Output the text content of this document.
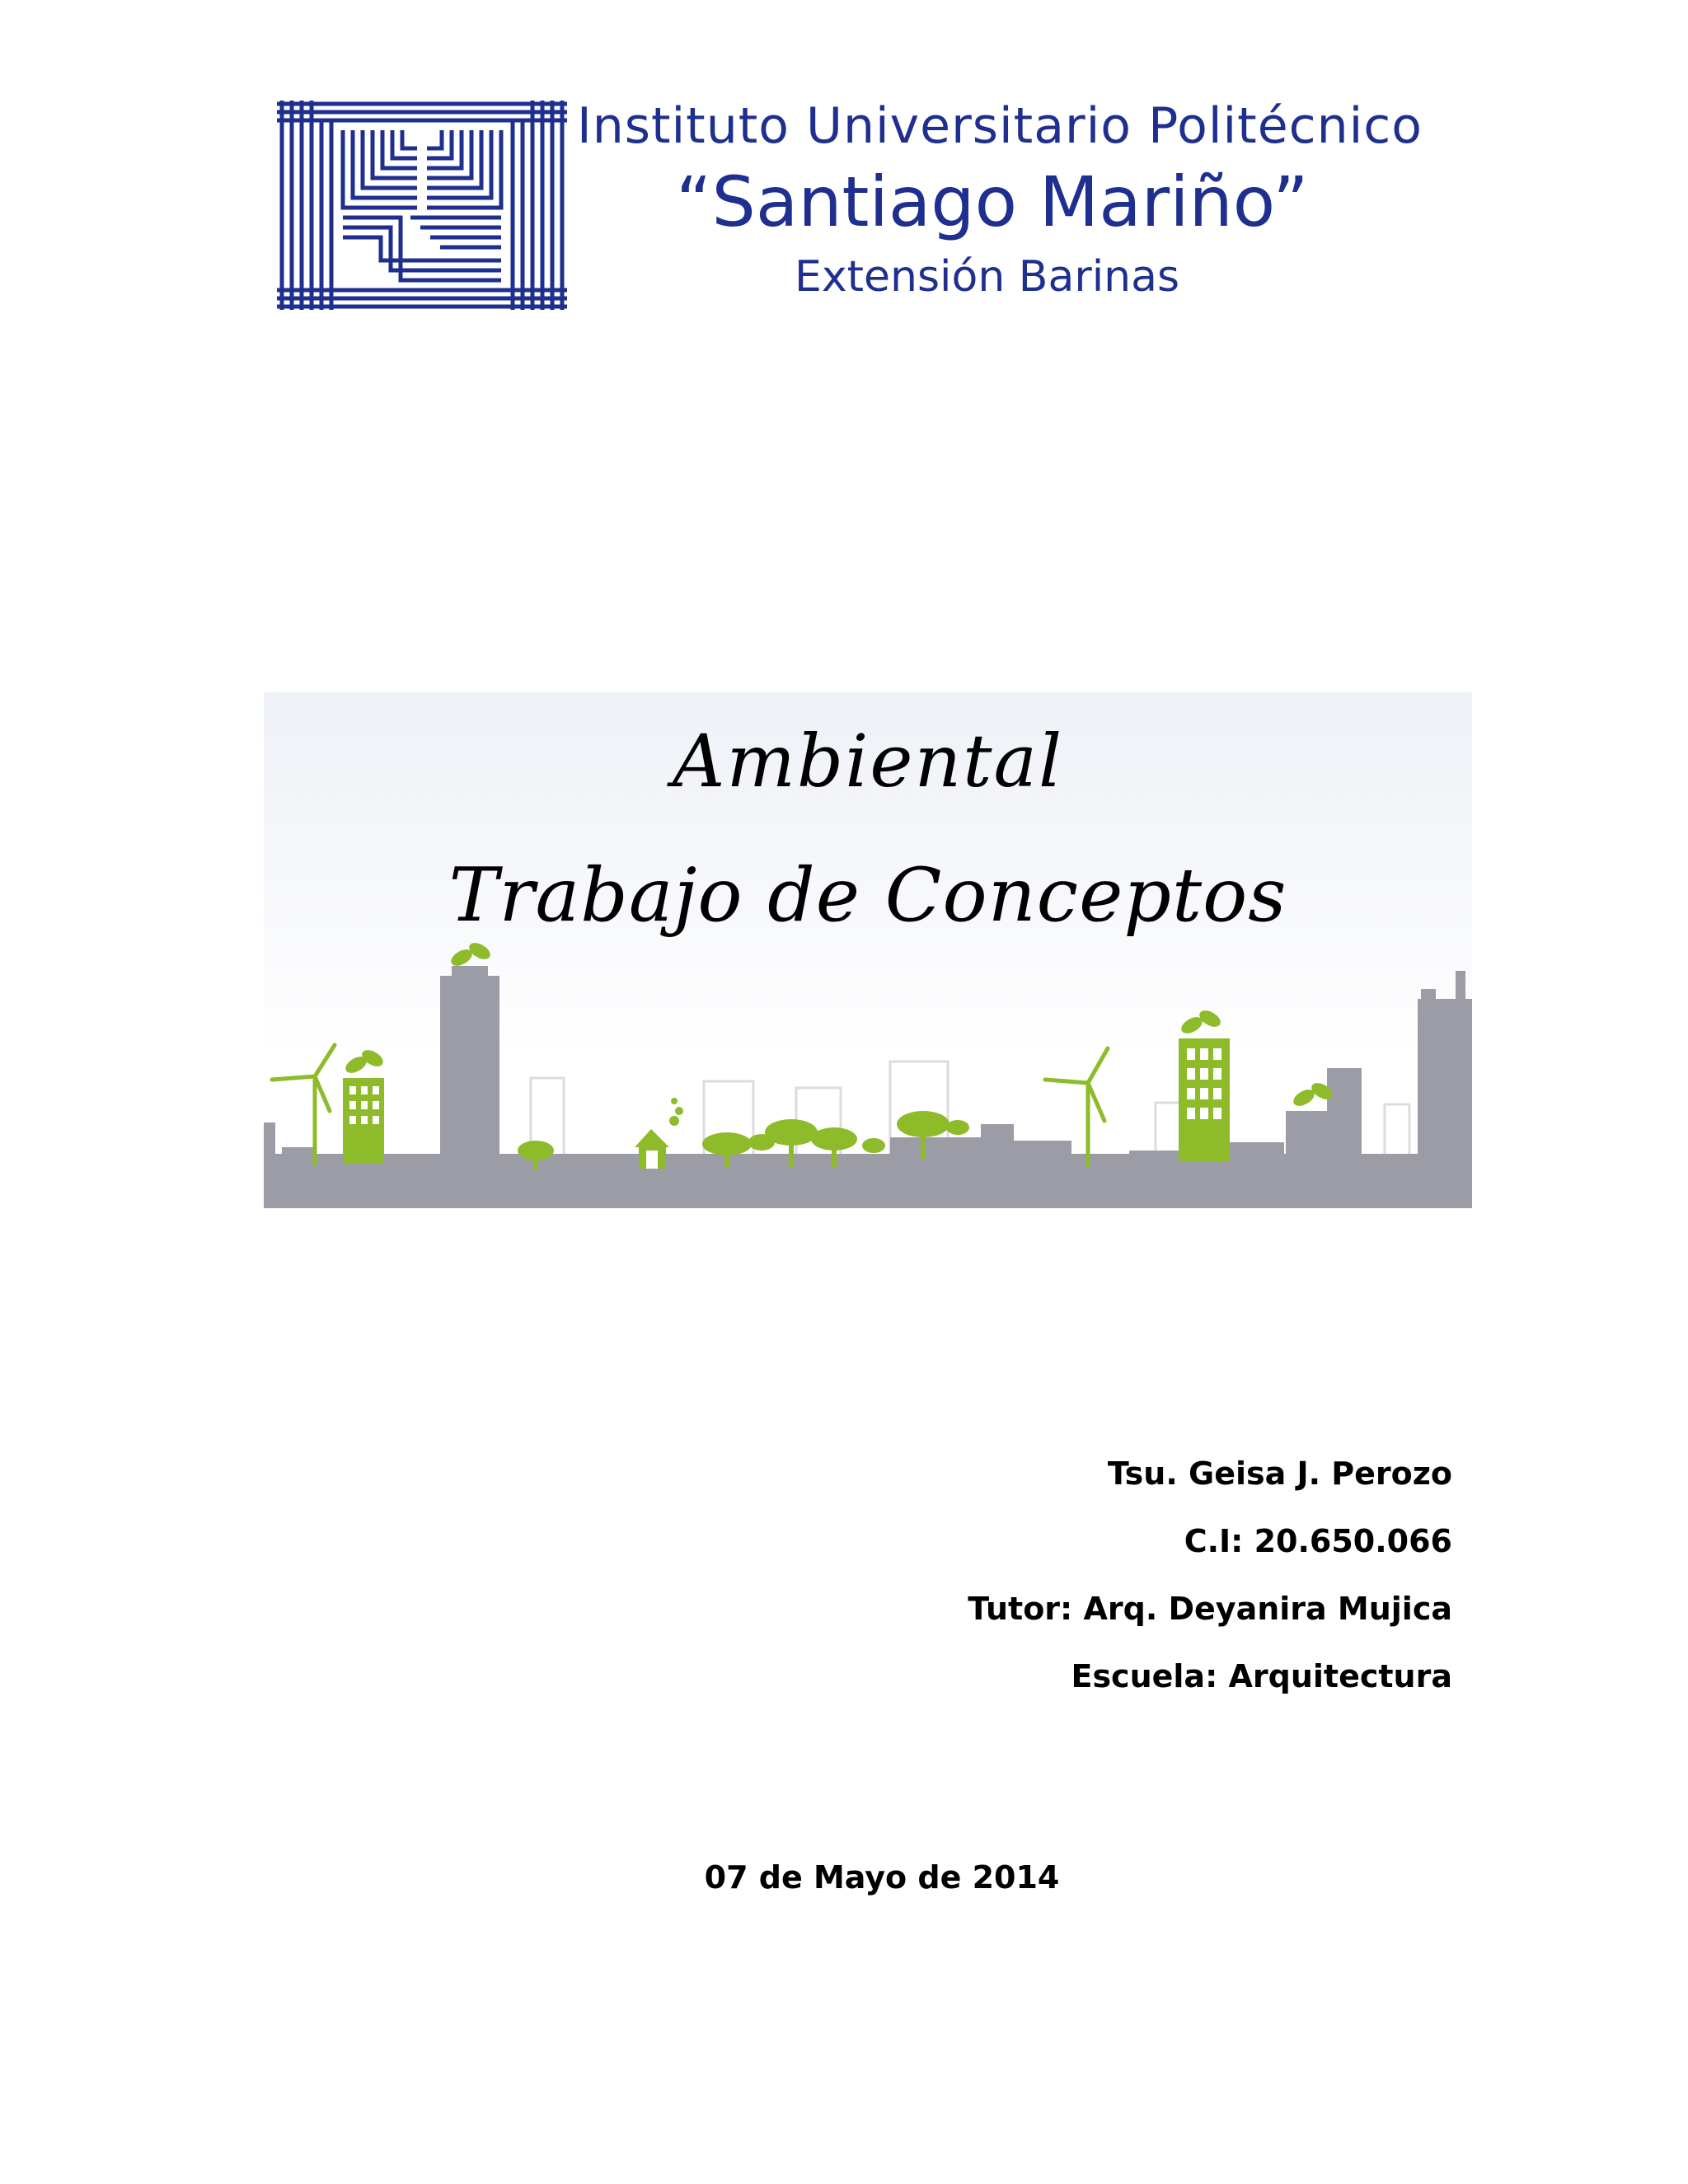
Instituto Universitario Politécnico
“Santiago Mariño”
Extensión Barinas
Ambiental
Trabajo de Conceptos
Tsu. Geisa J. Perozo
C.I: 20.650.066
Tutor: Arq. Deyanira Mujica
Escuela: Arquitectura
07 de Mayo de 2014
